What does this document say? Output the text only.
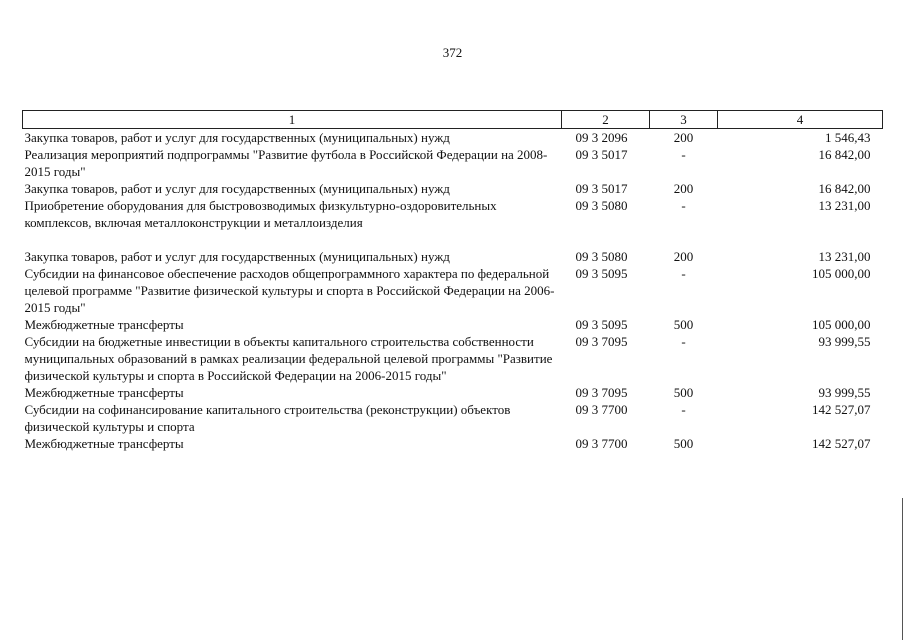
372
1	2	3	4
Закупка товаров, работ и услуг для государственных (муниципальных) нужд	09 3 2096	200	1 546,43
Реализация мероприятий подпрограммы "Развитие футбола в Российской Федерации на 2008-2015 годы"	09 3 5017	-	16 842,00
Закупка товаров, работ и услуг для государственных (муниципальных) нужд	09 3 5017	200	16 842,00
Приобретение оборудования для быстровозводимых физкультурно-оздоровительных комплексов, включая металлоконструкции и металлоизделия	09 3 5080	-	13 231,00

Закупка товаров, работ и услуг для государственных (муниципальных) нужд	09 3 5080	200	13 231,00
Субсидии на финансовое обеспечение расходов общепрограммного характера по федеральной целевой программе "Развитие физической культуры и спорта в Российской Федерации на 2006-2015 годы"	09 3 5095	-	105 000,00
Межбюджетные трансферты	09 3 5095	500	105 000,00
Субсидии на бюджетные инвестиции в объекты капитального строительства собственности муниципальных образований в рамках реализации федеральной целевой программы "Развитие физической культуры и спорта в Российской Федерации на 2006-2015 годы"	09 3 7095	-	93 999,55
Межбюджетные трансферты	09 3 7095	500	93 999,55
Субсидии на софинансирование капитального строительства (реконструкции) объектов физической культуры и спорта	09 3 7700	-	142 527,07
Межбюджетные трансферты	09 3 7700	500	142 527,07
